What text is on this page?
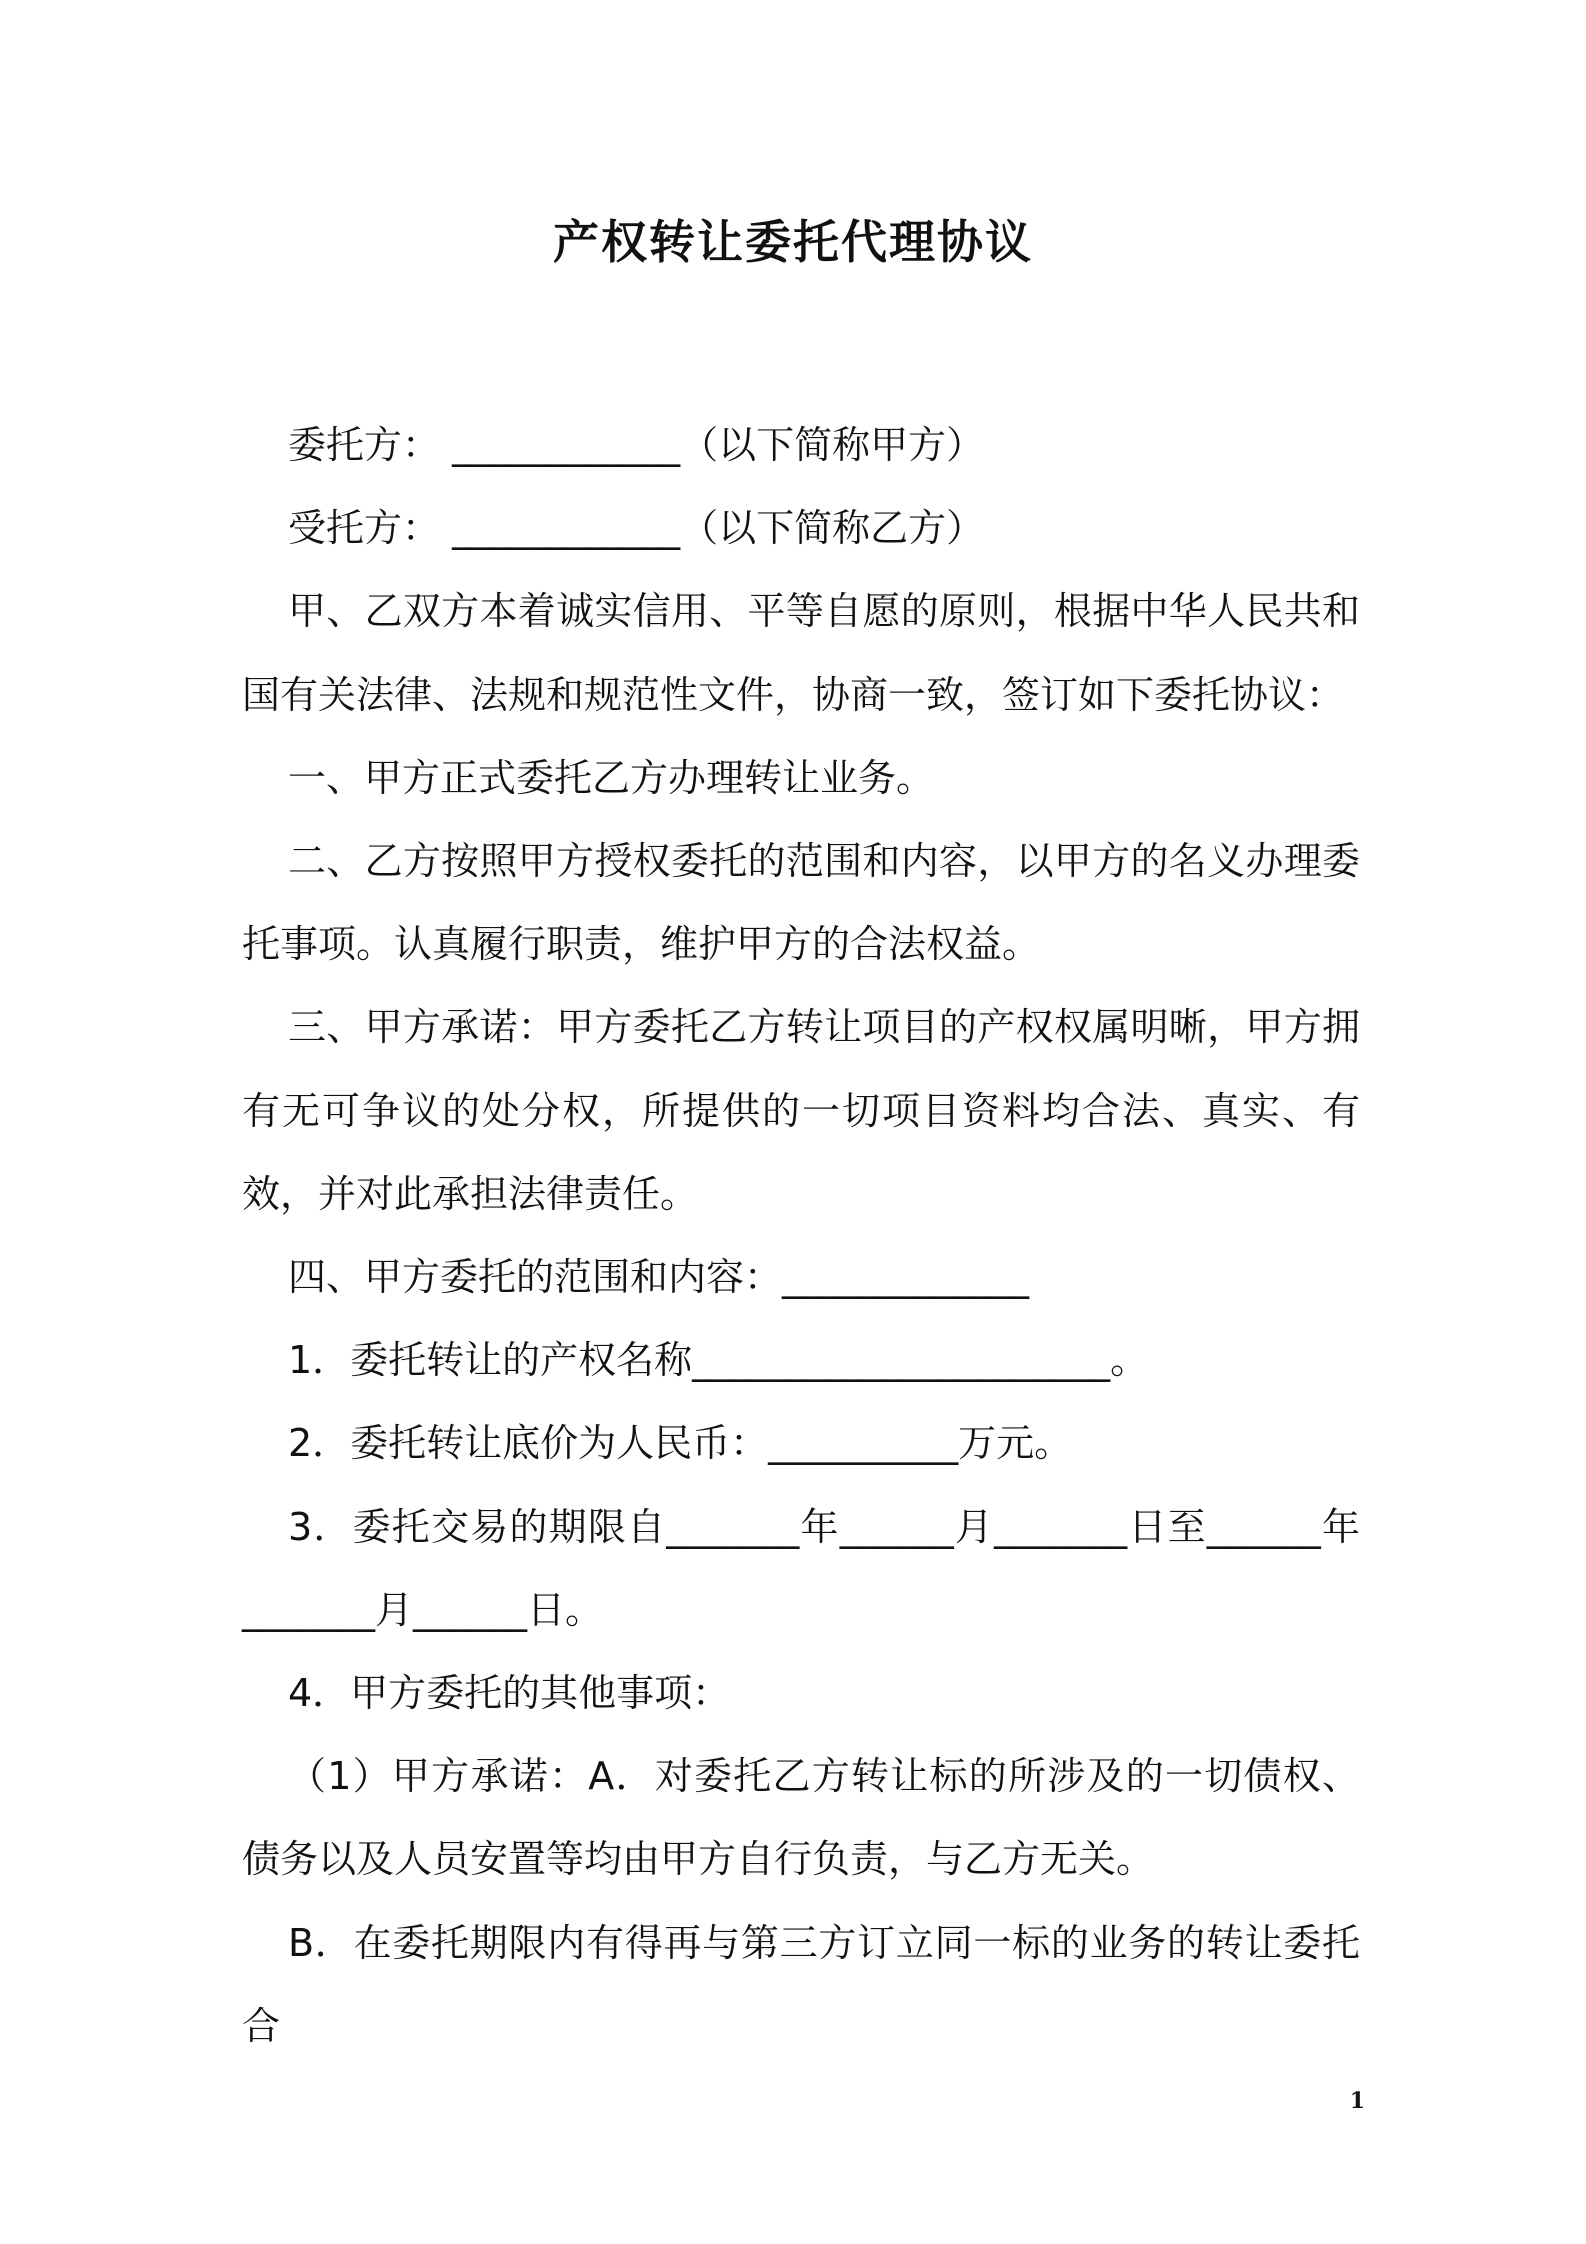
产权转让委托代理协议

委托方： ____________（以下简称甲方）

受托方： ____________（以下简称乙方）

甲、乙双方本着诚实信用、平等自愿的原则，根据中华人民共和国有关法律、法规和规范性文件，协商一致，签订如下委托协议：

一、甲方正式委托乙方办理转让业务。

二、乙方按照甲方授权委托的范围和内容，以甲方的名义办理委托事项。认真履行职责，维护甲方的合法权益。

三、甲方承诺：甲方委托乙方转让项目的产权权属明晰，甲方拥有无可争议的处分权，所提供的一切项目资料均合法、真实、有效，并对此承担法律责任。

四、甲方委托的范围和内容：_____________

1．委托转让的产权名称______________________。

2．委托转让底价为人民币：__________万元。

3．委托交易的期限自_______年______月_______日至______年_______月______日。

4．甲方委托的其他事项：

（1）甲方承诺：A．对委托乙方转让标的所涉及的一切债权、债务以及人员安置等均由甲方自行负责，与乙方无关。

B．在委托期限内有得再与第三方订立同一标的业务的转让委托合

1
